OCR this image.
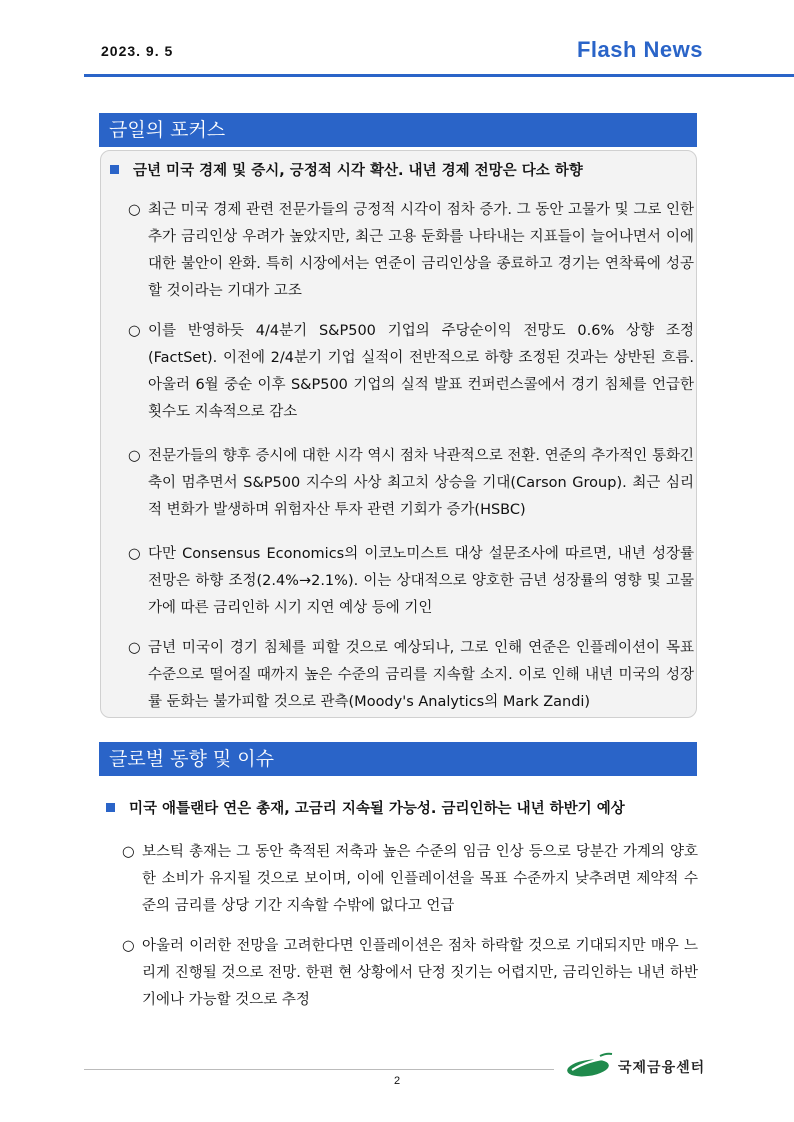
2023. 9. 5	Flash News
금일의 포커스
금년 미국 경제 및 증시, 긍정적 시각 확산. 내년 경제 전망은 다소 하향
○ 최근 미국 경제 관련 전문가들의 긍정적 시각이 점차 증가. 그 동안 고물가 및 그로 인한 추가 금리인상 우려가 높았지만, 최근 고용 둔화를 나타내는 지표들이 늘어나면서 이에 대한 불안이 완화. 특히 시장에서는 연준이 금리인상을 종료하고 경기는 연착륙에 성공할 것이라는 기대가 고조
○ 이를 반영하듯 4/4분기 S&P500 기업의 주당순이익 전망도 0.6% 상향 조정(FactSet). 이전에 2/4분기 기업 실적이 전반적으로 하향 조정된 것과는 상반된 흐름. 아울러 6월 중순 이후 S&P500 기업의 실적 발표 컨퍼런스콜에서 경기 침체를 언급한 횟수도 지속적으로 감소
○ 전문가들의 향후 증시에 대한 시각 역시 점차 낙관적으로 전환. 연준의 추가적인 통화긴축이 멈추면서 S&P500 지수의 사상 최고치 상승을 기대(Carson Group). 최근 심리적 변화가 발생하며 위험자산 투자 관련 기회가 증가(HSBC)
○ 다만 Consensus Economics의 이코노미스트 대상 설문조사에 따르면, 내년 성장률 전망은 하향 조정(2.4%→2.1%). 이는 상대적으로 양호한 금년 성장률의 영향 및 고물가에 따른 금리인하 시기 지연 예상 등에 기인
○ 금년 미국이 경기 침체를 피할 것으로 예상되나, 그로 인해 연준은 인플레이션이 목표 수준으로 떨어질 때까지 높은 수준의 금리를 지속할 소지. 이로 인해 내년 미국의 성장률 둔화는 불가피할 것으로 관측(Moody's Analytics의 Mark Zandi)
글로벌 동향 및 이슈
미국 애틀랜타 연은 총재, 고금리 지속될 가능성. 금리인하는 내년 하반기 예상
○ 보스틱 총재는 그 동안 축적된 저축과 높은 수준의 임금 인상 등으로 당분간 가계의 양호한 소비가 유지될 것으로 보이며, 이에 인플레이션을 목표 수준까지 낮추려면 제약적 수준의 금리를 상당 기간 지속할 수밖에 없다고 언급
○ 아울러 이러한 전망을 고려한다면 인플레이션은 점차 하락할 것으로 기대되지만 매우 느리게 진행될 것으로 전망. 한편 현 상황에서 단정 짓기는 어렵지만, 금리인하는 내년 하반기에나 가능할 것으로 추정
2
국제금융센터
